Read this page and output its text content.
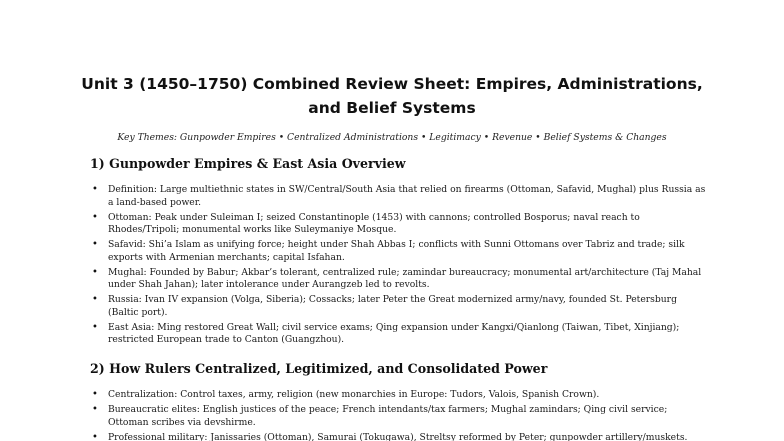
Unit 3 (1450–1750) Combined Review Sheet: Empires, Administrations, and Belief Systems
Key Themes: Gunpowder Empires • Centralized Administrations • Legitimacy • Revenue • Belief Systems & Changes
1) Gunpowder Empires & East Asia Overview
• Definition: Large multiethnic states in SW/Central/South Asia that relied on firearms (Ottoman, Safavid, Mughal) plus Russia as a land-based power.
• Ottoman: Peak under Suleiman I; seized Constantinople (1453) with cannons; controlled Bosporus; naval reach to Rhodes/Tripoli; monumental works like Suleymaniye Mosque.
• Safavid: Shi’a Islam as unifying force; height under Shah Abbas I; conflicts with Sunni Ottomans over Tabriz and trade; silk exports with Armenian merchants; capital Isfahan.
• Mughal: Founded by Babur; Akbar’s tolerant, centralized rule; zamindar bureaucracy; monumental art/architecture (Taj Mahal under Shah Jahan); later intolerance under Aurangzeb led to revolts.
• Russia: Ivan IV expansion (Volga, Siberia); Cossacks; later Peter the Great modernized army/navy, founded St. Petersburg (Baltic port).
• East Asia: Ming restored Great Wall; civil service exams; Qing expansion under Kangxi/Qianlong (Taiwan, Tibet, Xinjiang); restricted European trade to Canton (Guangzhou).
2) How Rulers Centralized, Legitimized, and Consolidated Power
• Centralization: Control taxes, army, religion (new monarchies in Europe: Tudors, Valois, Spanish Crown).
• Bureaucratic elites: English justices of the peace; French intendants/tax farmers; Mughal zamindars; Qing civil service; Ottoman scribes via devshirme.
• Professional military: Janissaries (Ottoman), Samurai (Tokugawa), Streltsy reformed by Peter; gunpowder artillery/muskets.
